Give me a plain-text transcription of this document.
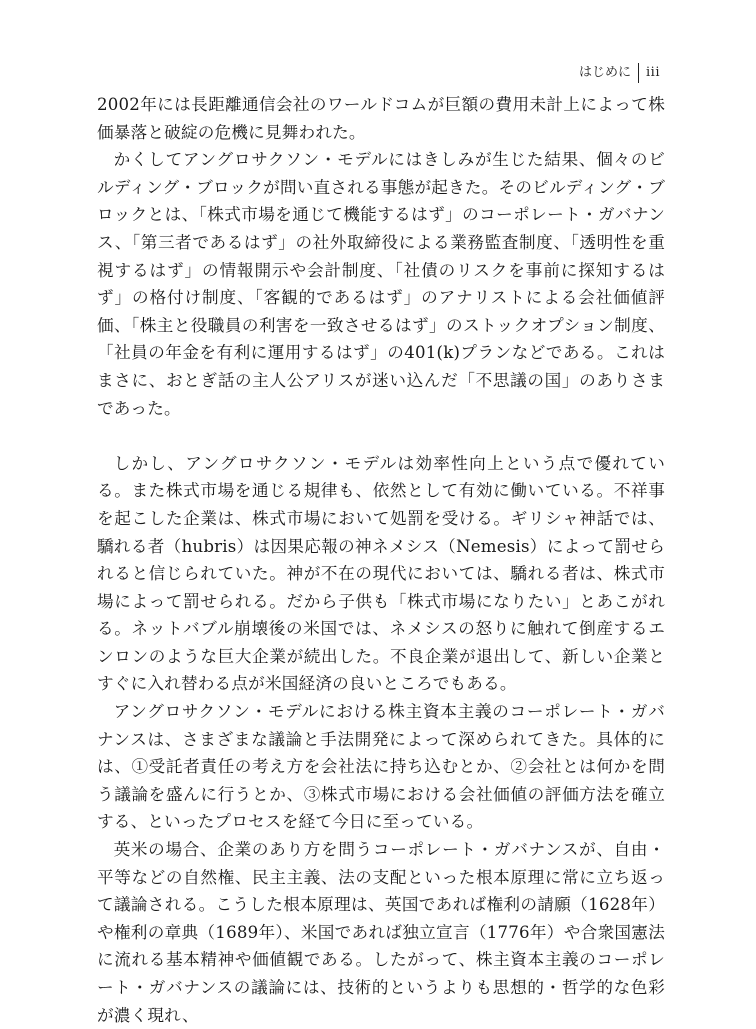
はじめに	iii

2002年には長距離通信会社のワールドコムが巨額の費用未計上によって株価暴落と破綻の危機に見舞われた。

かくしてアングロサクソン・モデルにはきしみが生じた結果、個々のビルディング・ブロックが問い直される事態が起きた。そのビルディング・ブロックとは、「株式市場を通じて機能するはず」のコーポレート・ガバナンス、「第三者であるはず」の社外取締役による業務監査制度、「透明性を重視するはず」の情報開示や会計制度、「社債のリスクを事前に探知するはず」の格付け制度、「客観的であるはず」のアナリストによる会社価値評価、「株主と役職員の利害を一致させるはず」のストックオプション制度、「社員の年金を有利に運用するはず」の401(k)プランなどである。これはまさに、おとぎ話の主人公アリスが迷い込んだ「不思議の国」のありさまであった。

しかし、アングロサクソン・モデルは効率性向上という点で優れている。また株式市場を通じる規律も、依然として有効に働いている。不祥事を起こした企業は、株式市場において処罰を受ける。ギリシャ神話では、驕れる者（hubris）は因果応報の神ネメシス（Nemesis）によって罰せられると信じられていた。神が不在の現代においては、驕れる者は、株式市場によって罰せられる。だから子供も「株式市場になりたい」とあこがれる。ネットバブル崩壊後の米国では、ネメシスの怒りに触れて倒産するエンロンのような巨大企業が続出した。不良企業が退出して、新しい企業とすぐに入れ替わる点が米国経済の良いところでもある。

アングロサクソン・モデルにおける株主資本主義のコーポレート・ガバナンスは、さまざまな議論と手法開発によって深められてきた。具体的には、①受託者責任の考え方を会社法に持ち込むとか、②会社とは何かを問う議論を盛んに行うとか、③株式市場における会社価値の評価方法を確立する、といったプロセスを経て今日に至っている。

英米の場合、企業のあり方を問うコーポレート・ガバナンスが、自由・平等などの自然権、民主主義、法の支配といった根本原理に常に立ち返って議論される。こうした根本原理は、英国であれば権利の請願（1628年）や権利の章典（1689年）、米国であれば独立宣言（1776年）や合衆国憲法に流れる基本精神や価値観である。したがって、株主資本主義のコーポレート・ガバナンスの議論には、技術的というよりも思想的・哲学的な色彩が濃く現れ、
